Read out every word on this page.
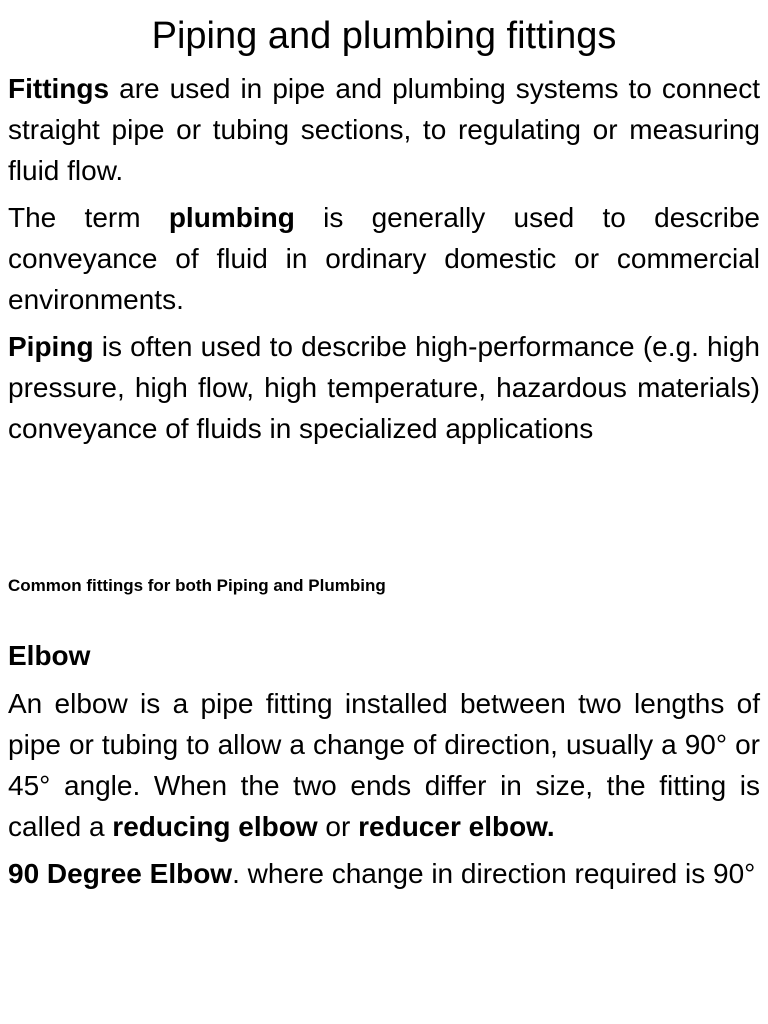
Piping and plumbing fittings

Fittings are used in pipe and plumbing systems to connect straight pipe or tubing sections, to regulating or measuring fluid flow.

The term plumbing is generally used to describe conveyance of fluid in ordinary domestic or commercial environments.

Piping is often used to describe high-performance (e.g. high pressure, high flow, high temperature, hazardous materials) conveyance of fluids in specialized applications

Common fittings for both Piping and Plumbing
Elbow

An elbow is a pipe fitting installed between two lengths of pipe or tubing to allow a change of direction, usually a 90° or 45° angle. When the two ends differ in size, the fitting is called a reducing elbow or reducer elbow.

90 Degree Elbow. where change in direction required is 90°
